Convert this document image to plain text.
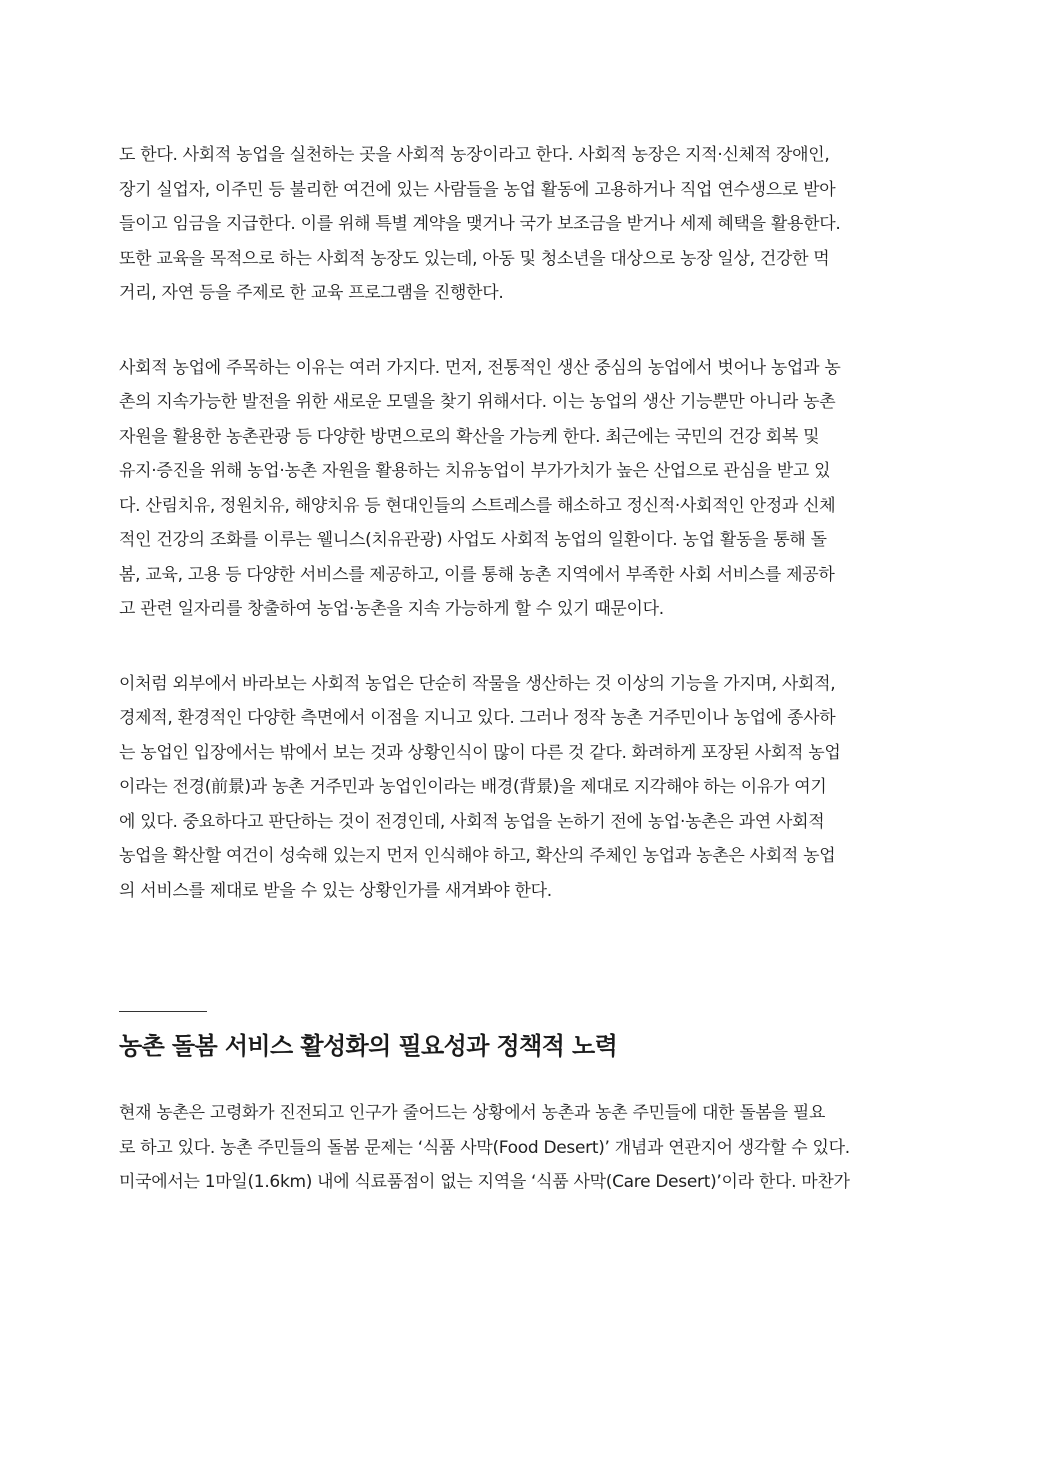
도 한다. 사회적 농업을 실천하는 곳을 사회적 농장이라고 한다. 사회적 농장은 지적·신체적 장애인,
장기 실업자, 이주민 등 불리한 여건에 있는 사람들을 농업 활동에 고용하거나 직업 연수생으로 받아
들이고 임금을 지급한다. 이를 위해 특별 계약을 맺거나 국가 보조금을 받거나 세제 혜택을 활용한다.
또한 교육을 목적으로 하는 사회적 농장도 있는데, 아동 및 청소년을 대상으로 농장 일상, 건강한 먹
거리, 자연 등을 주제로 한 교육 프로그램을 진행한다.
사회적 농업에 주목하는 이유는 여러 가지다. 먼저, 전통적인 생산 중심의 농업에서 벗어나 농업과 농
촌의 지속가능한 발전을 위한 새로운 모델을 찾기 위해서다. 이는 농업의 생산 기능뿐만 아니라 농촌
자원을 활용한 농촌관광 등 다양한 방면으로의 확산을 가능케 한다. 최근에는 국민의 건강 회복 및
유지·증진을 위해 농업·농촌 자원을 활용하는 치유농업이 부가가치가 높은 산업으로 관심을 받고 있
다. 산림치유, 정원치유, 해양치유 등 현대인들의 스트레스를 해소하고 정신적·사회적인 안정과 신체
적인 건강의 조화를 이루는 웰니스(치유관광) 사업도 사회적 농업의 일환이다. 농업 활동을 통해 돌
봄, 교육, 고용 등 다양한 서비스를 제공하고, 이를 통해 농촌 지역에서 부족한 사회 서비스를 제공하
고 관련 일자리를 창출하여 농업·농촌을 지속 가능하게 할 수 있기 때문이다.
이처럼 외부에서 바라보는 사회적 농업은 단순히 작물을 생산하는 것 이상의 기능을 가지며, 사회적,
경제적, 환경적인 다양한 측면에서 이점을 지니고 있다. 그러나 정작 농촌 거주민이나 농업에 종사하
는 농업인 입장에서는 밖에서 보는 것과 상황인식이 많이 다른 것 같다. 화려하게 포장된 사회적 농업
이라는 전경(前景)과 농촌 거주민과 농업인이라는 배경(背景)을 제대로 지각해야 하는 이유가 여기
에 있다. 중요하다고 판단하는 것이 전경인데, 사회적 농업을 논하기 전에 농업·농촌은 과연 사회적
농업을 확산할 여건이 성숙해 있는지 먼저 인식해야 하고, 확산의 주체인 농업과 농촌은 사회적 농업
의 서비스를 제대로 받을 수 있는 상황인가를 새겨봐야 한다.
농촌 돌봄 서비스 활성화의 필요성과 정책적 노력
현재 농촌은 고령화가 진전되고 인구가 줄어드는 상황에서 농촌과 농촌 주민들에 대한 돌봄을 필요
로 하고 있다. 농촌 주민들의 돌봄 문제는 ‘식품 사막(Food Desert)’ 개념과 연관지어 생각할 수 있다.
미국에서는 1마일(1.6km) 내에 식료품점이 없는 지역을 ‘식품 사막(Care Desert)’이라 한다. 마찬가
